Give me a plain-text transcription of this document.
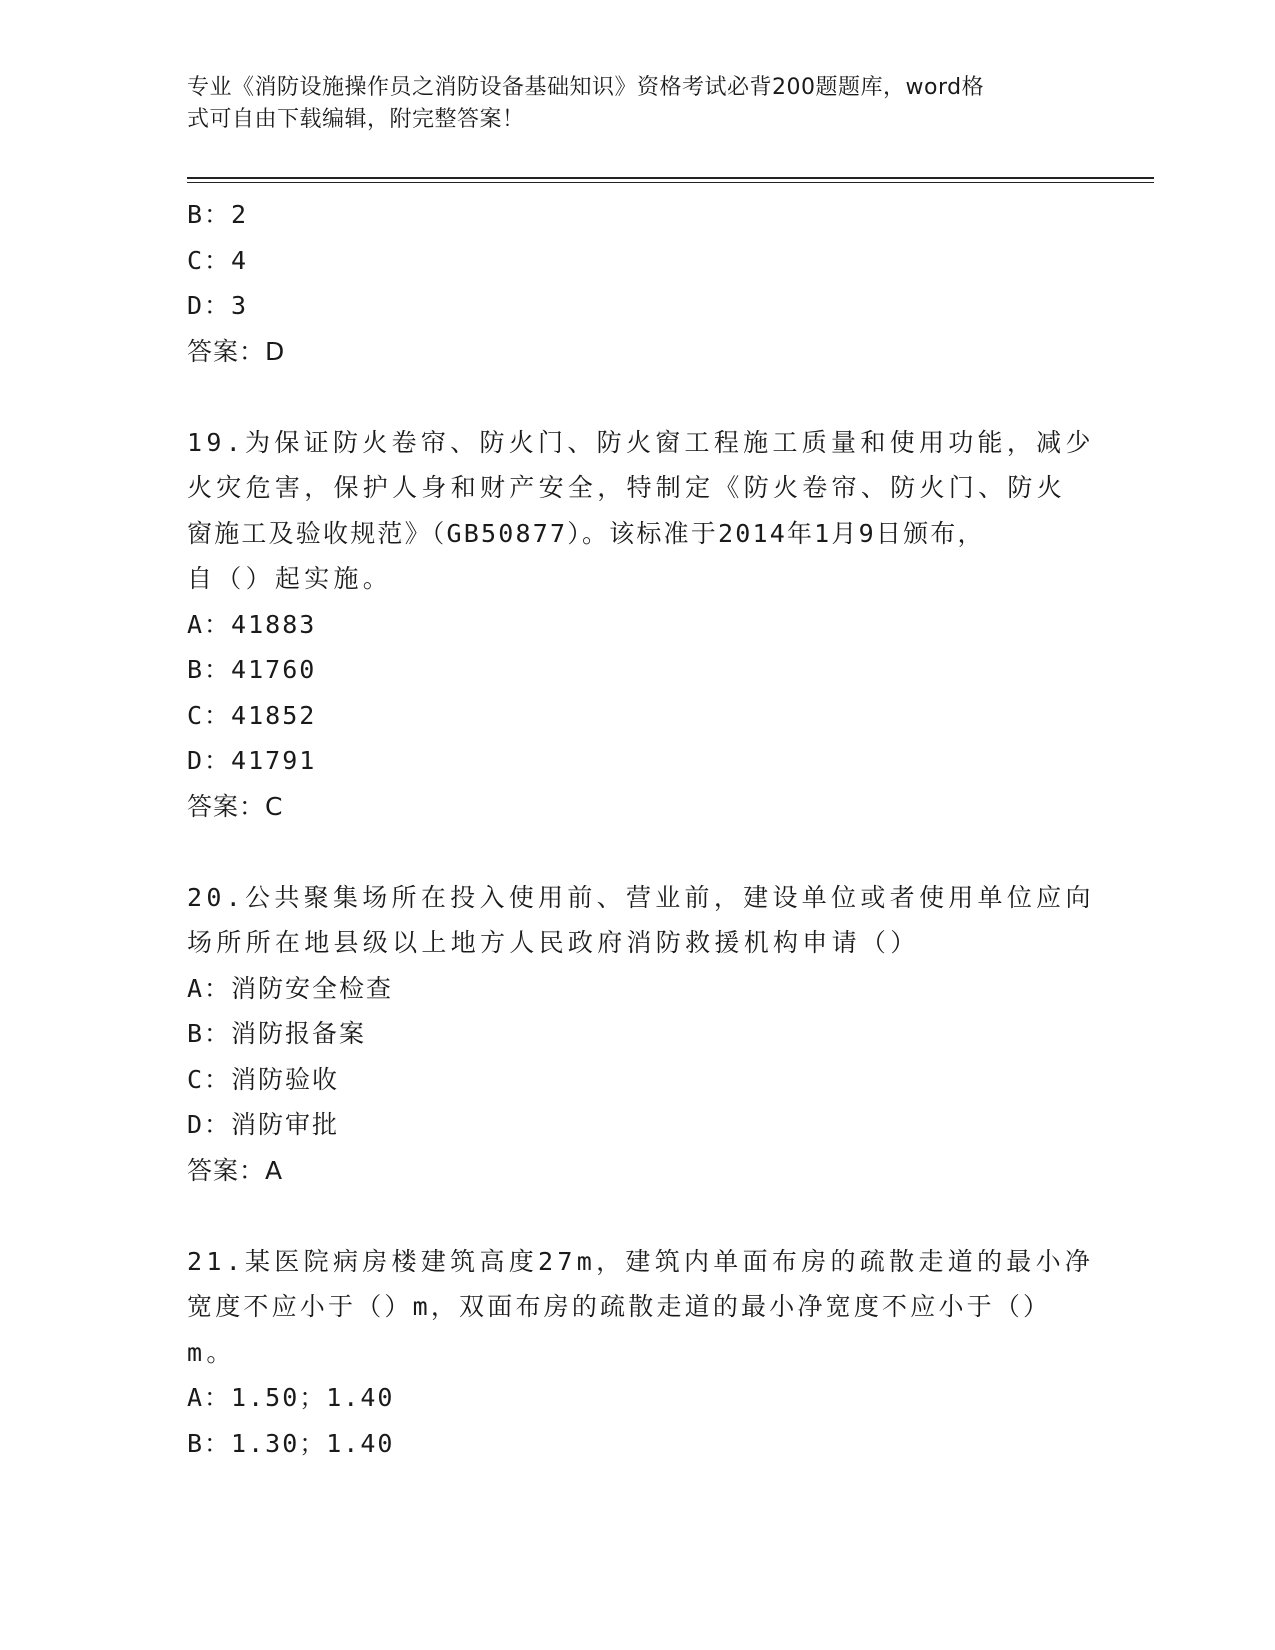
专业《消防设施操作员之消防设备基础知识》资格考试必背200题题库，word格
式可自由下载编辑，附完整答案！
B：2
C：4
D：3
答案：D
19.为保证防火卷帘、防火门、防火窗工程施工质量和使用功能，减少
火灾危害，保护人身和财产安全，特制定《防火卷帘、防火门、防火
窗施工及验收规范》（GB50877）。该标准于2014年1月9日颁布，
自（）起实施。
A：41883
B：41760
C：41852
D：41791
答案：C
20.公共聚集场所在投入使用前、营业前，建设单位或者使用单位应向
场所所在地县级以上地方人民政府消防救援机构申请（）
A：消防安全检查
B：消防报备案
C：消防验收
D：消防审批
答案：A
21.某医院病房楼建筑高度27m，建筑内单面布房的疏散走道的最小净
宽度不应小于（）m，双面布房的疏散走道的最小净宽度不应小于（）
m。
A：1.50；1.40
B：1.30；1.40
